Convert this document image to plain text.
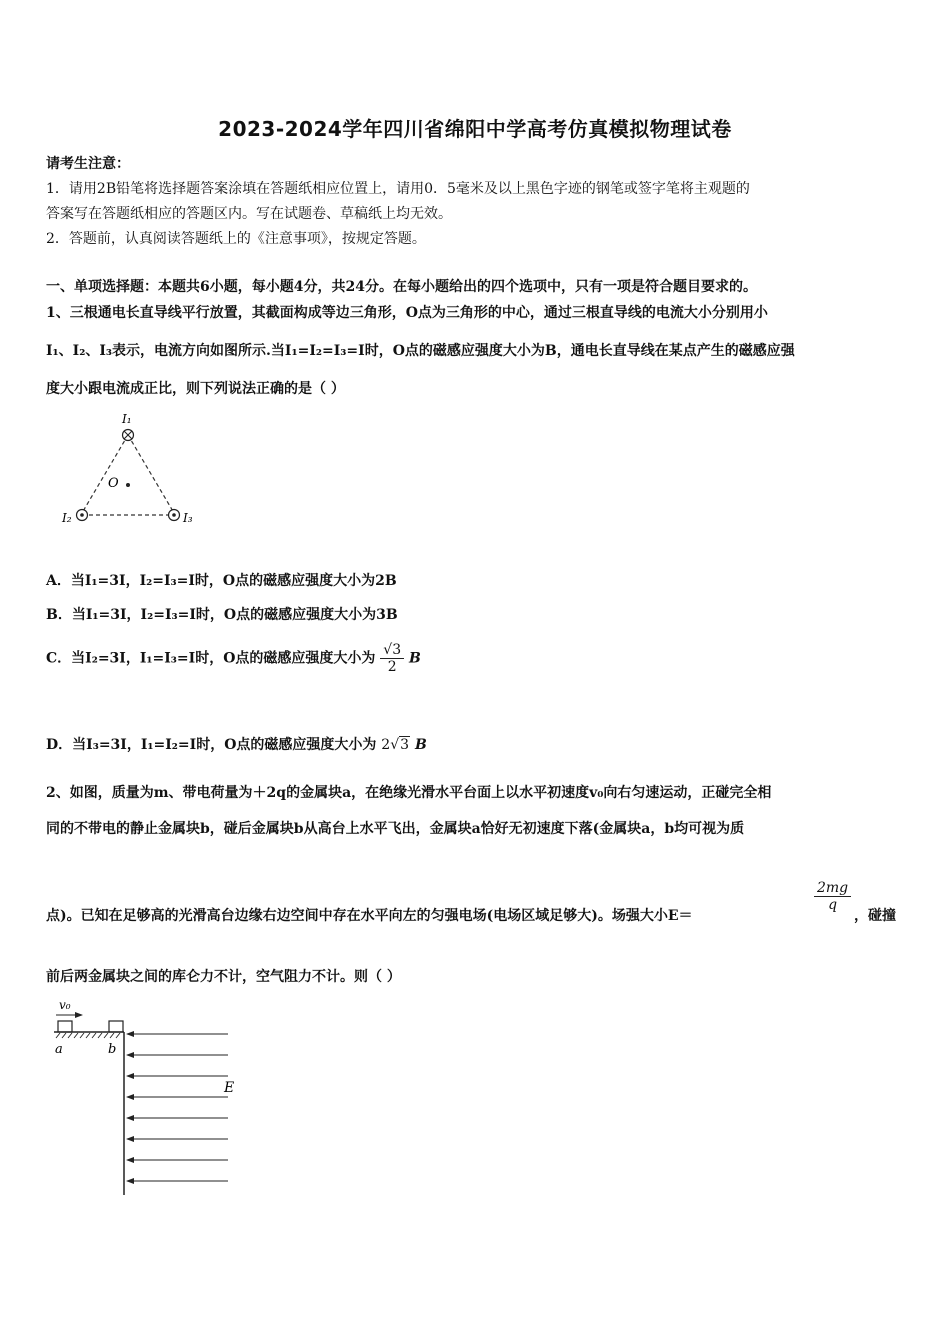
2023-2024学年四川省绵阳中学高考仿真模拟物理试卷
请考生注意：
1．请用2B铅笔将选择题答案涂填在答题纸相应位置上，请用0．5毫米及以上黑色字迹的钢笔或签字笔将主观题的
答案写在答题纸相应的答题区内。写在试题卷、草稿纸上均无效。
2．答题前，认真阅读答题纸上的《注意事项》，按规定答题。
一、单项选择题：本题共6小题，每小题4分，共24分。在每小题给出的四个选项中，只有一项是符合题目要求的。
1、三根通电长直导线平行放置，其截面构成等边三角形，O点为三角形的中心，通过三根直导线的电流大小分别用小
I₁、I₂、I₃表示，电流方向如图所示.当I₁=I₂=I₃=I时，O点的磁感应强度大小为B，通电长直导线在某点产生的磁感应强
度大小跟电流成正比，则下列说法正确的是（ ）
I₁
I₂	I₃
O
A．当I₁=3I，I₂=I₃=I时，O点的磁感应强度大小为2B
B．当I₁=3I，I₂=I₃=I时，O点的磁感应强度大小为3B
C．当I₂=3I，I₁=I₃=I时，O点的磁感应强度大小为 $\frac{√3}{2}$ B
D．当I₃=3I，I₁=I₂=I时，O点的磁感应强度大小为 2√3 B
2、如图，质量为m、带电荷量为＋2q的金属块a，在绝缘光滑水平台面上以水平初速度v₀向右匀速运动，正碰完全相
同的不带电的静止金属块b，碰后金属块b从高台上水平飞出，金属块a恰好无初速度下落(金属块a，b均可视为质
点)。已知在足够高的光滑高台边缘右边空间中存在水平向左的匀强电场(电场区域足够大)。场强大小E＝
$\frac{2mg}{q}$
，碰撞
前后两金属块之间的库仑力不计，空气阻力不计。则（ ）
v₀
a	b
E
